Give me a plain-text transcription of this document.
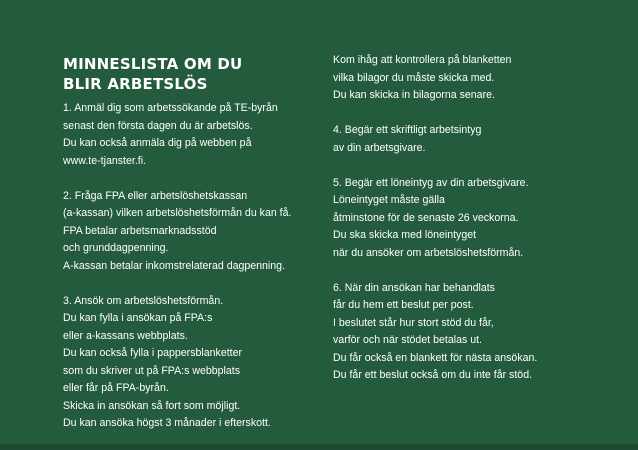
MINNESLISTA OM DU
BLIR ARBETSLÖS
1. Anmäl dig som arbetssökande på TE-byrån
senast den första dagen du är arbetslös.
Du kan också anmäla dig på webben på
www.te-tjanster.fi.
2. Fråga FPA eller arbetslöshetskassan
(a-kassan) vilken arbetslöshetsförmån du kan få.
FPA betalar arbetsmarknadsstöd
och grunddagpenning.
A-kassan betalar inkomstrelaterad dagpenning.
3. Ansök om arbetslöshetsförmån.
Du kan fylla i ansökan på FPA:s
eller a-kassans webbplats.
Du kan också fylla i pappersblanketter
som du skriver ut på FPA:s webbplats
eller får på FPA-byrån.
Skicka in ansökan så fort som möjligt.
Du kan ansöka högst 3 månader i efterskott.
Kom ihåg att kontrollera på blanketten
vilka bilagor du måste skicka med.
Du kan skicka in bilagorna senare.
4. Begär ett skriftligt arbetsintyg
av din arbetsgivare.
5. Begär ett löneintyg av din arbetsgivare.
Löneintyget måste gälla
åtminstone för de senaste 26 veckorna.
Du ska skicka med löneintyget
när du ansöker om arbetslöshetsförmån.
6. När din ansökan har behandlats
får du hem ett beslut per post.
I beslutet står hur stort stöd du får,
varför och när stödet betalas ut.
Du får också en blankett för nästa ansökan.
Du får ett beslut också om du inte får stöd.
